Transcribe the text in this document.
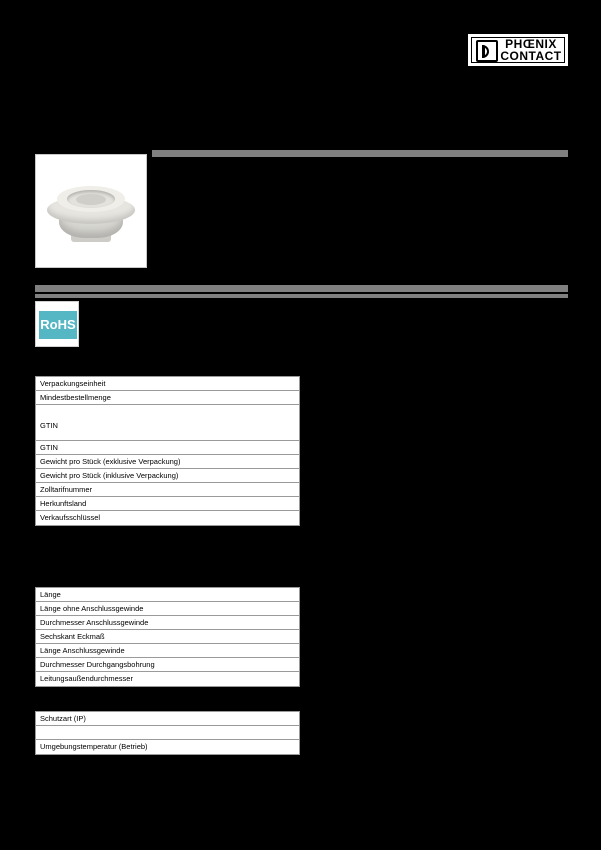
PHŒNIX
CONTACT
RoHS
Verpackungseinheit
Mindestbestellmenge
GTIN
GTIN
Gewicht pro Stück (exklusive Verpackung)
Gewicht pro Stück (inklusive Verpackung)
Zolltarifnummer
Herkunftsland
Verkaufsschlüssel
Länge
Länge ohne Anschlussgewinde
Durchmesser Anschlussgewinde
Sechskant Eckmaß
Länge Anschlussgewinde
Durchmesser Durchgangsbohrung
Leitungsaußendurchmesser
Schutzart (IP)
Umgebungstemperatur (Betrieb)
